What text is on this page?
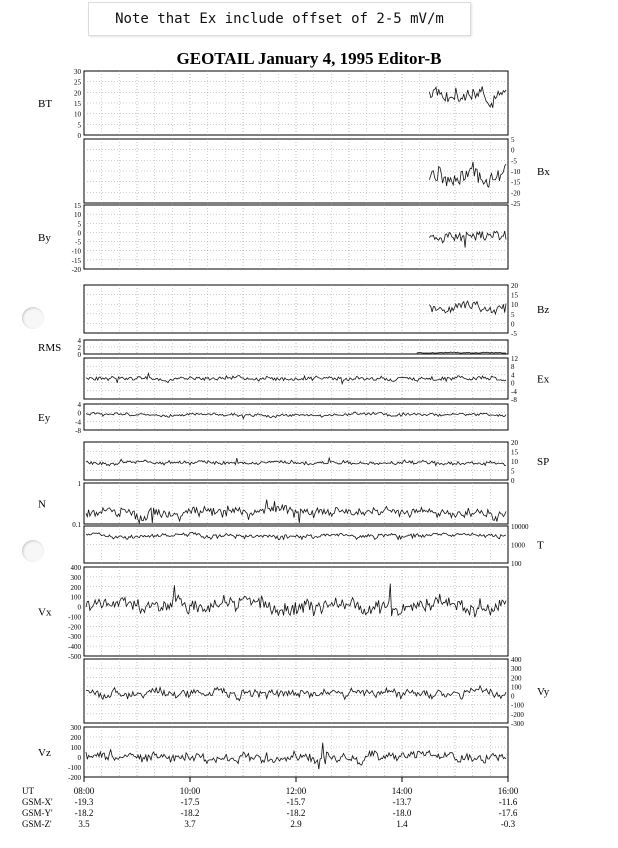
Note that Ex include offset of 2-5 mV/m
GEOTAIL January 4, 1995 Editor-B
30
25
20
15
10
5
0
BT
5
0
-5
-10
-15
-20
-25
Bx
15
10
5
0
-5
-10
-15
-20
By
20
15
10
5
0
-5
Bz
4
2
0
RMS
12
8
4
0
-4
-8
Ex
4
0
-4
-8
Ey
20
15
10
5
0
SP
1
0.1
N
10000
1000
100
T
400
300
200
100
0
-100
-200
-300
-400
-500
Vx
400
300
200
100
0
-100
-200
-300
Vy
300
200
100
0
-100
-200
Vz
UT
GSM-X'
GSM-Y'
GSM-Z'
08:00
-19.3
-18.2
3.5
10:00
-17.5
-18.2
3.7
12:00
-15.7
-18.2
2.9
14:00
-13.7
-18.0
1.4
16:00
-11.6
-17.6
-0.3
